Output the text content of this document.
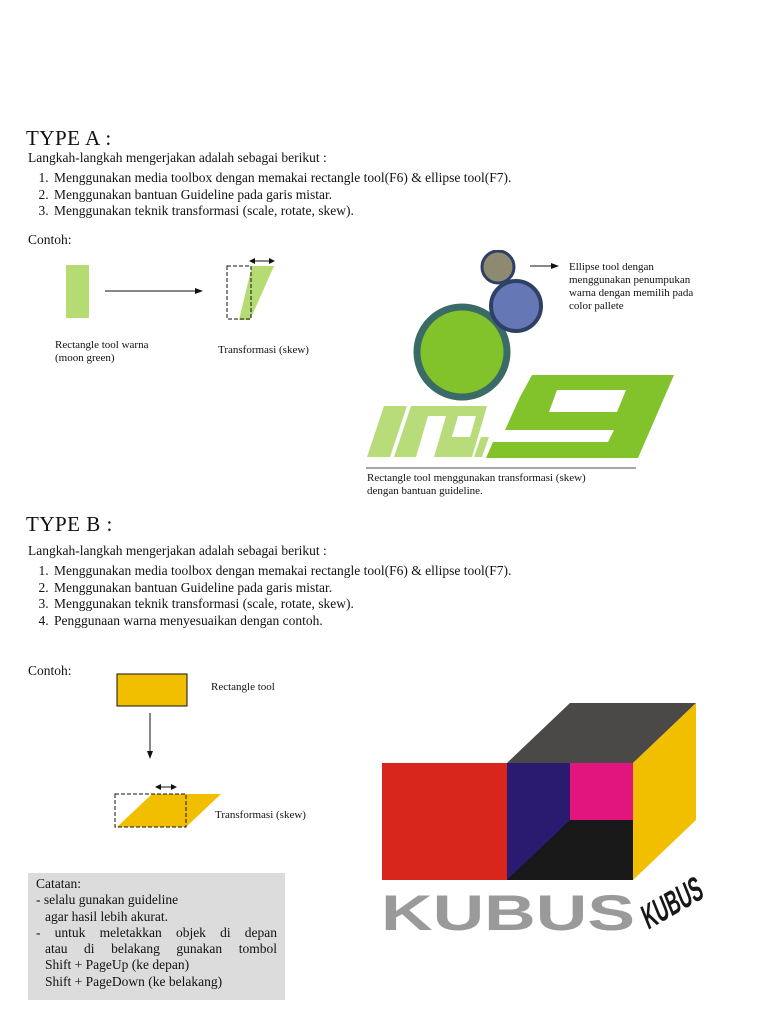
TYPE A :
Langkah-langkah mengerjakan adalah sebagai berikut :
1. Menggunakan media toolbox dengan memakai rectangle tool(F6) & ellipse tool(F7).
2. Menggunakan bantuan Guideline pada garis mistar.
3. Menggunakan teknik transformasi (scale, rotate, skew).
Contoh:
Rectangle tool warna
(moon green)
Transformasi (skew)
Ellipse tool dengan
menggunakan penumpukan
warna dengan memilih pada
color pallete
Rectangle tool menggunakan transformasi (skew)
dengan bantuan guideline.
TYPE B :
Langkah-langkah mengerjakan adalah sebagai berikut :
1. Menggunakan media toolbox dengan memakai rectangle tool(F6) & ellipse tool(F7).
2. Menggunakan bantuan Guideline pada garis mistar.
3. Menggunakan teknik transformasi (scale, rotate, skew).
4. Penggunaan warna menyesuaikan dengan contoh.
Contoh:
KUBUS KUBUS
Rectangle tool
Transformasi (skew)
Catatan:
- selalu gunakan guideline
agar hasil lebih akurat.
- untuk meletakkan objek di depan
atau di belakang gunakan tombol
Shift + PageUp (ke depan)
Shift + PageDown (ke belakang)
